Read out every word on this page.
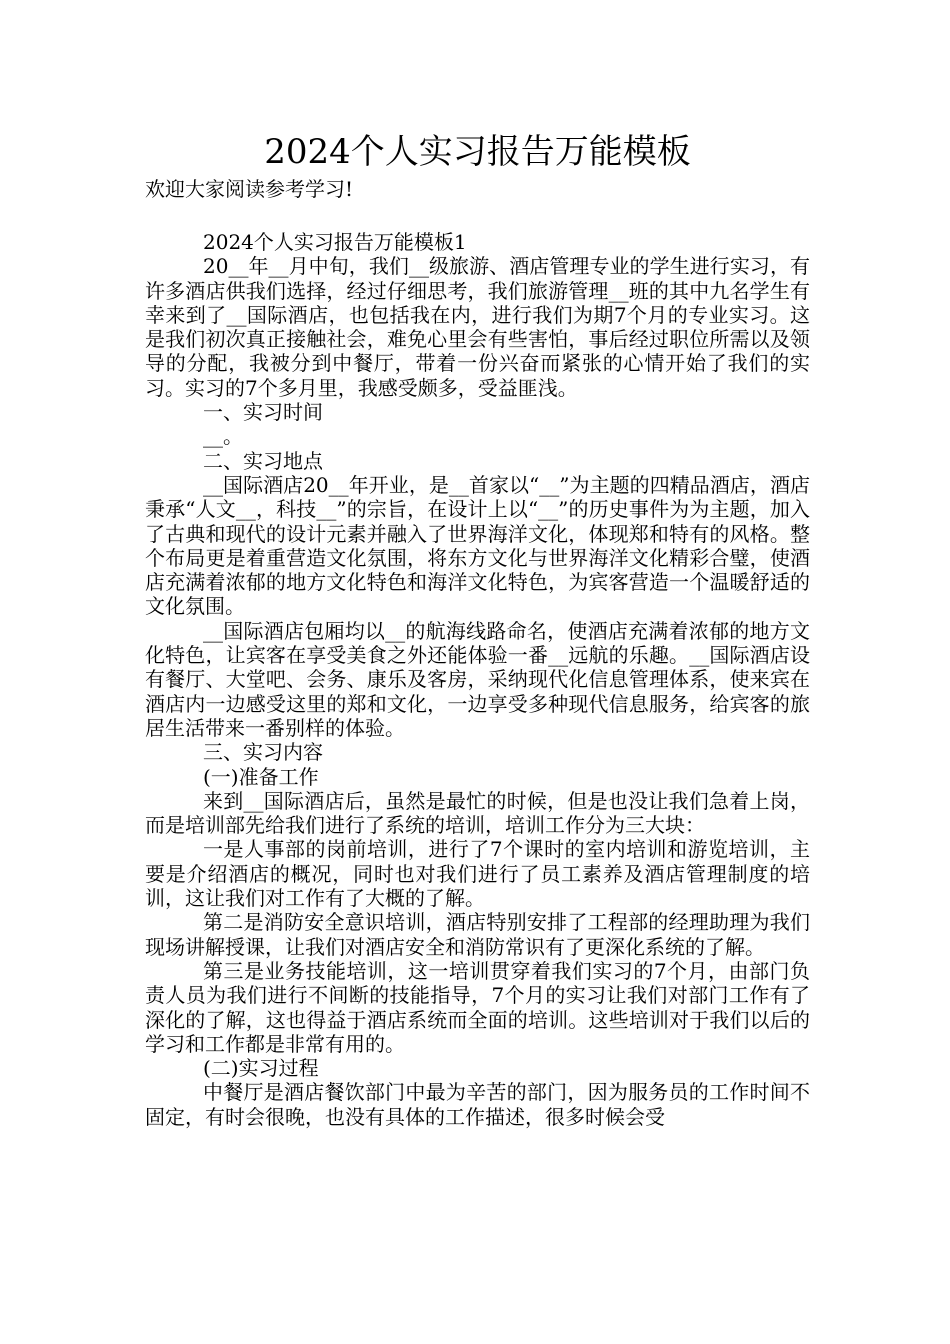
2024个人实习报告万能模板
欢迎大家阅读参考学习!

2024个人实习报告万能模板1

20__年__月中旬，我们__级旅游、酒店管理专业的学生进行实习，有许多酒店供我们选择，经过仔细思考，我们旅游管理__班的其中九名学生有幸来到了__国际酒店，也包括我在内，进行我们为期7个月的专业实习。这是我们初次真正接触社会，难免心里会有些害怕，事后经过职位所需以及领导的分配，我被分到中餐厅，带着一份兴奋而紧张的心情开始了我们的实习。实习的7个多月里，我感受颇多，受益匪浅。

一、实习时间

__。

二、实习地点

__国际酒店20__年开业，是__首家以“__”为主题的四精品酒店，酒店秉承“人文__，科技__”的宗旨，在设计上以“__”的历史事件为为主题，加入了古典和现代的设计元素并融入了世界海洋文化，体现郑和特有的风格。整个布局更是着重营造文化氛围，将东方文化与世界海洋文化精彩合璧，使酒店充满着浓郁的地方文化特色和海洋文化特色，为宾客营造一个温暖舒适的文化氛围。

__国际酒店包厢均以__的航海线路命名，使酒店充满着浓郁的地方文化特色，让宾客在享受美食之外还能体验一番__远航的乐趣。__国际酒店设有餐厅、大堂吧、会务、康乐及客房，采纳现代化信息管理体系，使来宾在酒店内一边感受这里的郑和文化，一边享受多种现代信息服务，给宾客的旅居生活带来一番别样的体验。

三、实习内容

(一)准备工作

来到__国际酒店后，虽然是最忙的时候，但是也没让我们急着上岗，而是培训部先给我们进行了系统的培训，培训工作分为三大块：

一是人事部的岗前培训，进行了7个课时的室内培训和游览培训，主要是介绍酒店的概况，同时也对我们进行了员工素养及酒店管理制度的培训，这让我们对工作有了大概的了解。

第二是消防安全意识培训，酒店特别安排了工程部的经理助理为我们现场讲解授课，让我们对酒店安全和消防常识有了更深化系统的了解。

第三是业务技能培训，这一培训贯穿着我们实习的7个月，由部门负责人员为我们进行不间断的技能指导，7个月的实习让我们对部门工作有了深化的了解，这也得益于酒店系统而全面的培训。这些培训对于我们以后的学习和工作都是非常有用的。

(二)实习过程

中餐厅是酒店餐饮部门中最为辛苦的部门，因为服务员的工作时间不固定，有时会很晚，也没有具体的工作描述，很多时候会受
